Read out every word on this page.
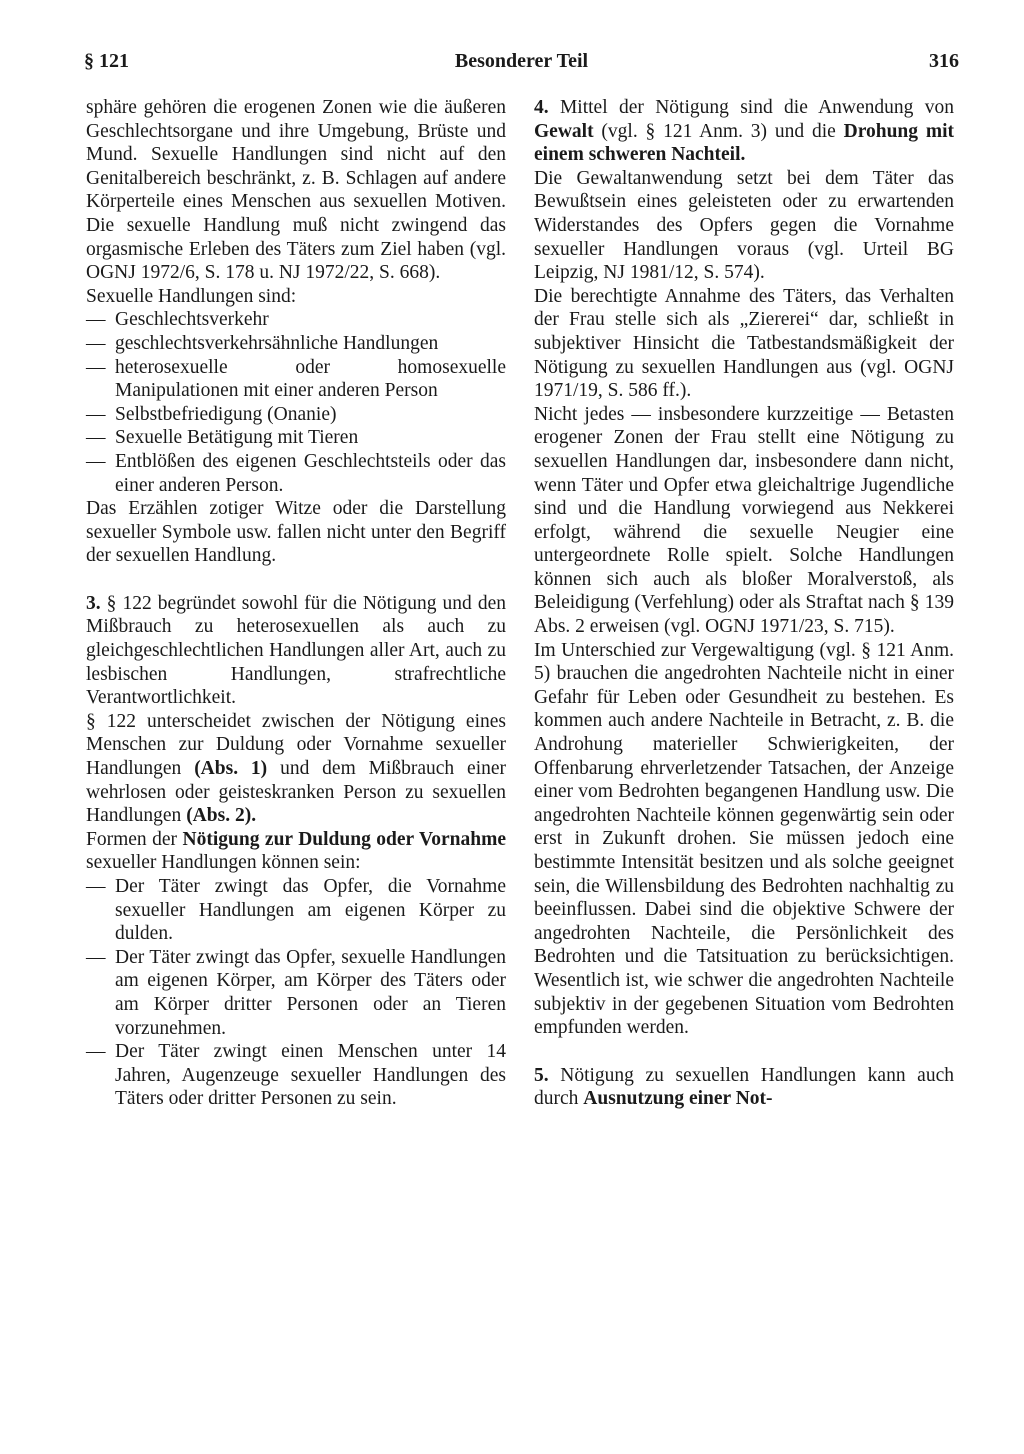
Besonderer Teil
§ 121	316

sphäre gehören die erogenen Zonen wie die äußeren Geschlechtsorgane und ihre Umgebung, Brüste und Mund. Sexuelle Handlungen sind nicht auf den Genitalbereich beschränkt, z. B. Schlagen auf andere Körperteile eines Menschen aus sexuellen Motiven. Die sexuelle Handlung muß nicht zwingend das orgasmische Erleben des Täters zum Ziel haben (vgl. OGNJ 1972/6, S. 178 u. NJ 1972/22, S. 668).

Sexuelle Handlungen sind:

— Geschlechtsverkehr
— geschlechtsverkehrsähnliche Handlungen
— heterosexuelle oder homosexuelle Manipulationen mit einer anderen Person
— Selbstbefriedigung (Onanie)
— Sexuelle Betätigung mit Tieren
— Entblößen des eigenen Geschlechtsteils oder das einer anderen Person.

Das Erzählen zotiger Witze oder die Darstellung sexueller Symbole usw. fallen nicht unter den Begriff der sexuellen Handlung.

3. § 122 begründet sowohl für die Nötigung und den Mißbrauch zu heterosexuellen als auch zu gleichgeschlechtlichen Handlungen aller Art, auch zu lesbischen Handlungen, strafrechtliche Verantwortlichkeit.

§ 122 unterscheidet zwischen der Nötigung eines Menschen zur Duldung oder Vornahme sexueller Handlungen (Abs. 1) und dem Mißbrauch einer wehrlosen oder geisteskranken Person zu sexuellen Handlungen (Abs. 2).

Formen der Nötigung zur Duldung oder Vornahme sexueller Handlungen können sein:

— Der Täter zwingt das Opfer, die Vornahme sexueller Handlungen am eigenen Körper zu dulden.
— Der Täter zwingt das Opfer, sexuelle Handlungen am eigenen Körper, am Körper des Täters oder am Körper dritter Personen oder an Tieren vorzunehmen.
— Der Täter zwingt einen Menschen unter 14 Jahren, Augenzeuge sexueller Handlungen des Täters oder dritter Personen zu sein.

4. Mittel der Nötigung sind die Anwendung von Gewalt (vgl. § 121 Anm. 3) und die Drohung mit einem schweren Nachteil.

Die Gewaltanwendung setzt bei dem Täter das Bewußtsein eines geleisteten oder zu erwartenden Widerstandes des Opfers gegen die Vornahme sexueller Handlungen voraus (vgl. Urteil BG Leipzig, NJ 1981/12, S. 574).

Die berechtigte Annahme des Täters, das Verhalten der Frau stelle sich als „Ziererei“ dar, schließt in subjektiver Hinsicht die Tatbestandsmäßigkeit der Nötigung zu sexuellen Handlungen aus (vgl. OGNJ 1971/19, S. 586 ff.).

Nicht jedes — insbesondere kurzzeitige — Betasten erogener Zonen der Frau stellt eine Nötigung zu sexuellen Handlungen dar, insbesondere dann nicht, wenn Täter und Opfer etwa gleichaltrige Jugendliche sind und die Handlung vorwiegend aus Nekkerei erfolgt, während die sexuelle Neugier eine untergeordnete Rolle spielt. Solche Handlungen können sich auch als bloßer Moralverstoß, als Beleidigung (Verfehlung) oder als Straftat nach § 139 Abs. 2 erweisen (vgl. OGNJ 1971/23, S. 715).

Im Unterschied zur Vergewaltigung (vgl. § 121 Anm. 5) brauchen die angedrohten Nachteile nicht in einer Gefahr für Leben oder Gesundheit zu bestehen. Es kommen auch andere Nachteile in Betracht, z. B. die Androhung materieller Schwierigkeiten, der Offenbarung ehrverletzender Tatsachen, der Anzeige einer vom Bedrohten begangenen Handlung usw. Die angedrohten Nachteile können gegenwärtig sein oder erst in Zukunft drohen. Sie müssen jedoch eine bestimmte Intensität besitzen und als solche geeignet sein, die Willensbildung des Bedrohten nachhaltig zu beeinflussen. Dabei sind die objektive Schwere der angedrohten Nachteile, die Persönlichkeit des Bedrohten und die Tatsituation zu berücksichtigen. Wesentlich ist, wie schwer die angedrohten Nachteile subjektiv in der gegebenen Situation vom Bedrohten empfunden werden.

5. Nötigung zu sexuellen Handlungen kann auch durch Ausnutzung einer Not-
